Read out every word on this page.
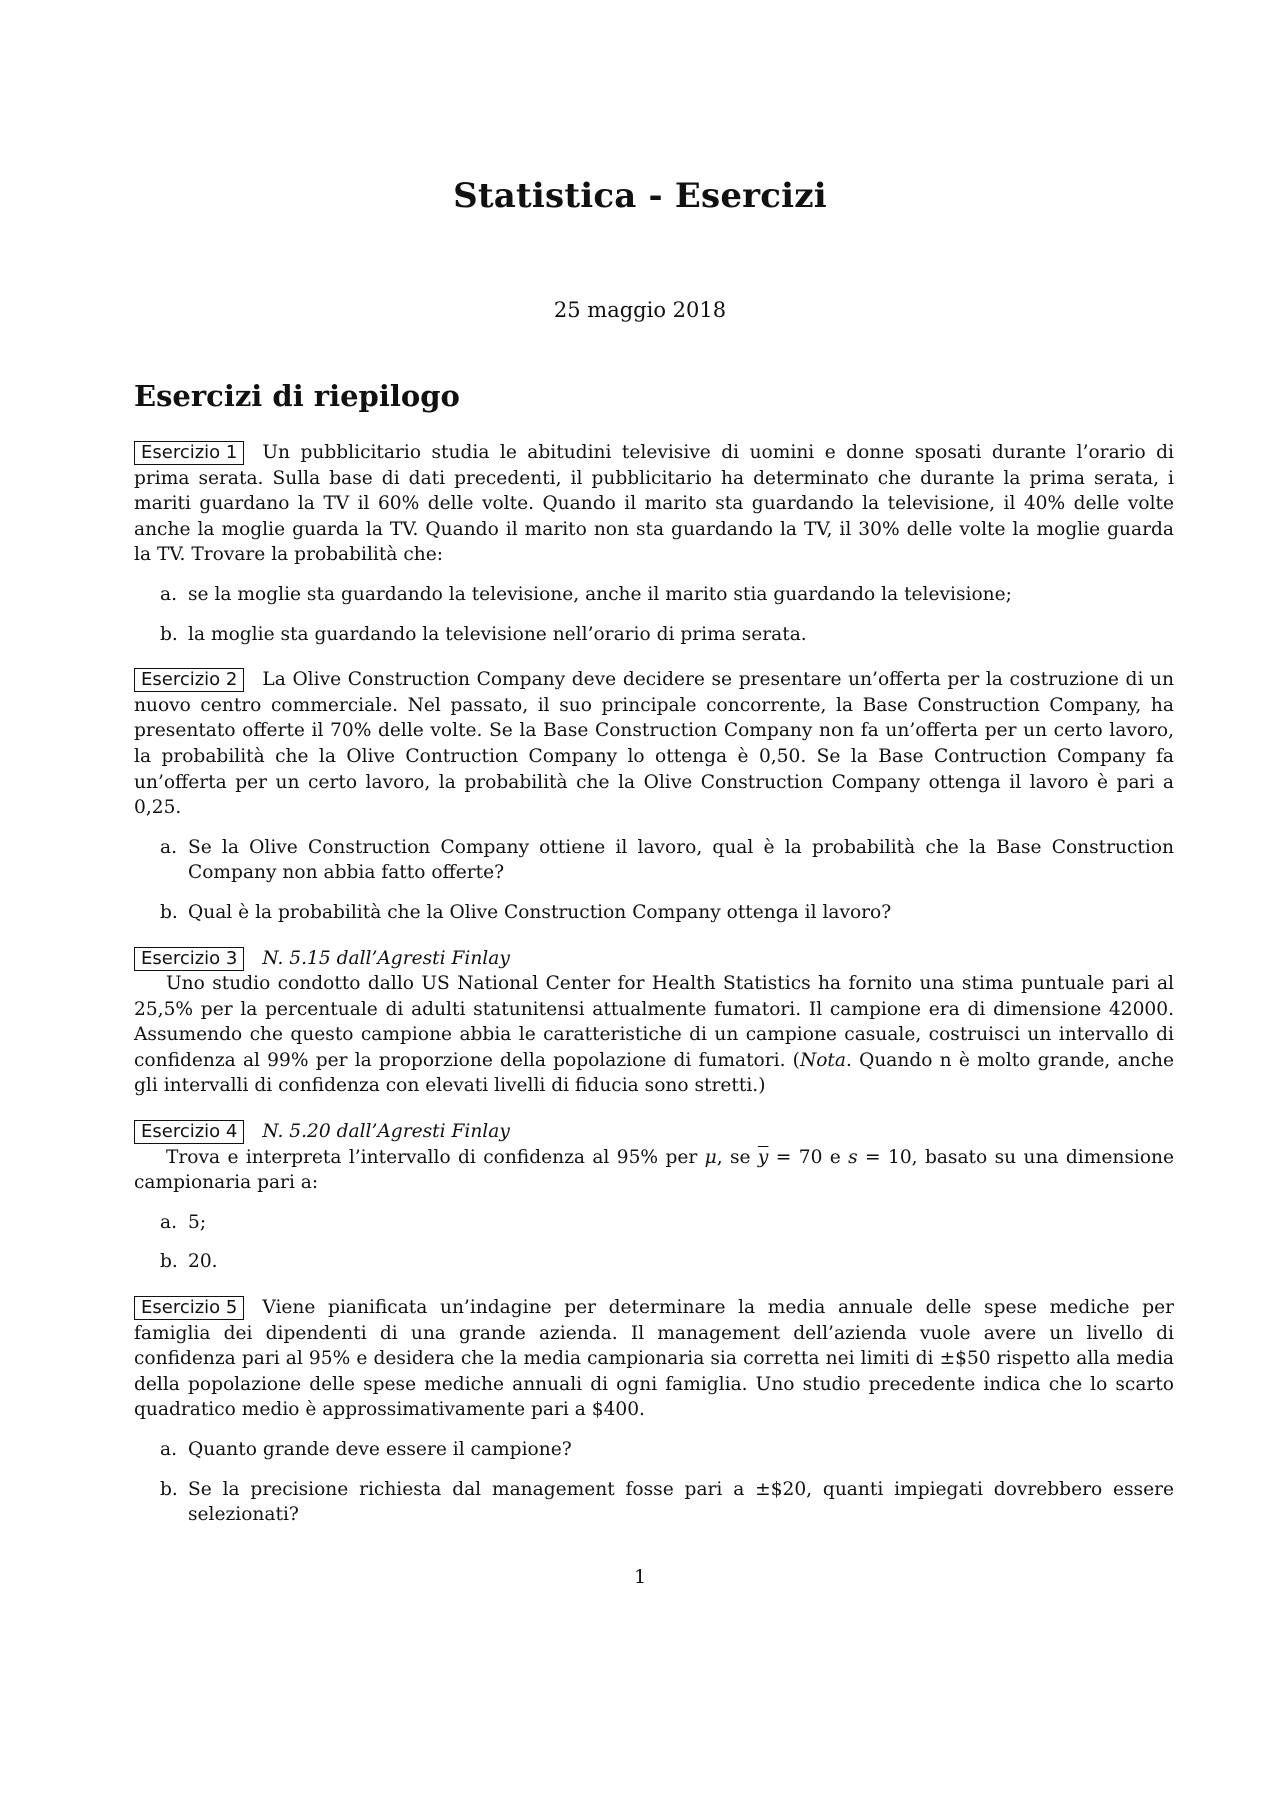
Statistica - Esercizi
25 maggio 2018
Esercizi di riepilogo

Esercizio 1 Un pubblicitario studia le abitudini televisive di uomini e donne sposati durante l’orario di prima serata. Sulla base di dati precedenti, il pubblicitario ha determinato che durante la prima serata, i mariti guardano la TV il 60% delle volte. Quando il marito sta guardando la televisione, il 40% delle volte anche la moglie guarda la TV. Quando il marito non sta guardando la TV, il 30% delle volte la moglie guarda la TV. Trovare la probabilità che:

a. se la moglie sta guardando la televisione, anche il marito stia guardando la televisione;
b. la moglie sta guardando la televisione nell’orario di prima serata.

Esercizio 2 La Olive Construction Company deve decidere se presentare un’offerta per la costruzione di un nuovo centro commerciale. Nel passato, il suo principale concorrente, la Base Construction Company, ha presentato offerte il 70% delle volte. Se la Base Construction Company non fa un’offerta per un certo lavoro, la probabilità che la Olive Contruction Company lo ottenga è 0,50. Se la Base Contruction Company fa un’offerta per un certo lavoro, la probabilità che la Olive Construction Company ottenga il lavoro è pari a 0,25.

a. Se la Olive Construction Company ottiene il lavoro, qual è la probabilità che la Base Construction Company non abbia fatto offerte?
b. Qual è la probabilità che la Olive Construction Company ottenga il lavoro?

Esercizio 3 N. 5.15 dall’Agresti Finlay

Uno studio condotto dallo US National Center for Health Statistics ha fornito una stima puntuale pari al 25,5% per la percentuale di adulti statunitensi attualmente fumatori. Il campione era di dimensione 42000. Assumendo che questo campione abbia le caratteristiche di un campione casuale, costruisci un intervallo di confidenza al 99% per la proporzione della popolazione di fumatori. (Nota. Quando n è molto grande, anche gli intervalli di confidenza con elevati livelli di fiducia sono stretti.)

Esercizio 4 N. 5.20 dall’Agresti Finlay

Trova e interpreta l’intervallo di confidenza al 95% per μ, se $\overline{y} = 70$ e s = 10, basato su una dimensione campionaria pari a:

a. 5;
b. 20.

Esercizio 5 Viene pianificata un’indagine per determinare la media annuale delle spese mediche per famiglia dei dipendenti di una grande azienda. Il management dell’azienda vuole avere un livello di confidenza pari al 95% e desidera che la media campionaria sia corretta nei limiti di ±$50 rispetto alla media della popolazione delle spese mediche annuali di ogni famiglia. Uno studio precedente indica che lo scarto quadratico medio è approssimativamente pari a $400.

a. Quanto grande deve essere il campione?
b. Se la precisione richiesta dal management fosse pari a ±$20, quanti impiegati dovrebbero essere selezionati?
1
